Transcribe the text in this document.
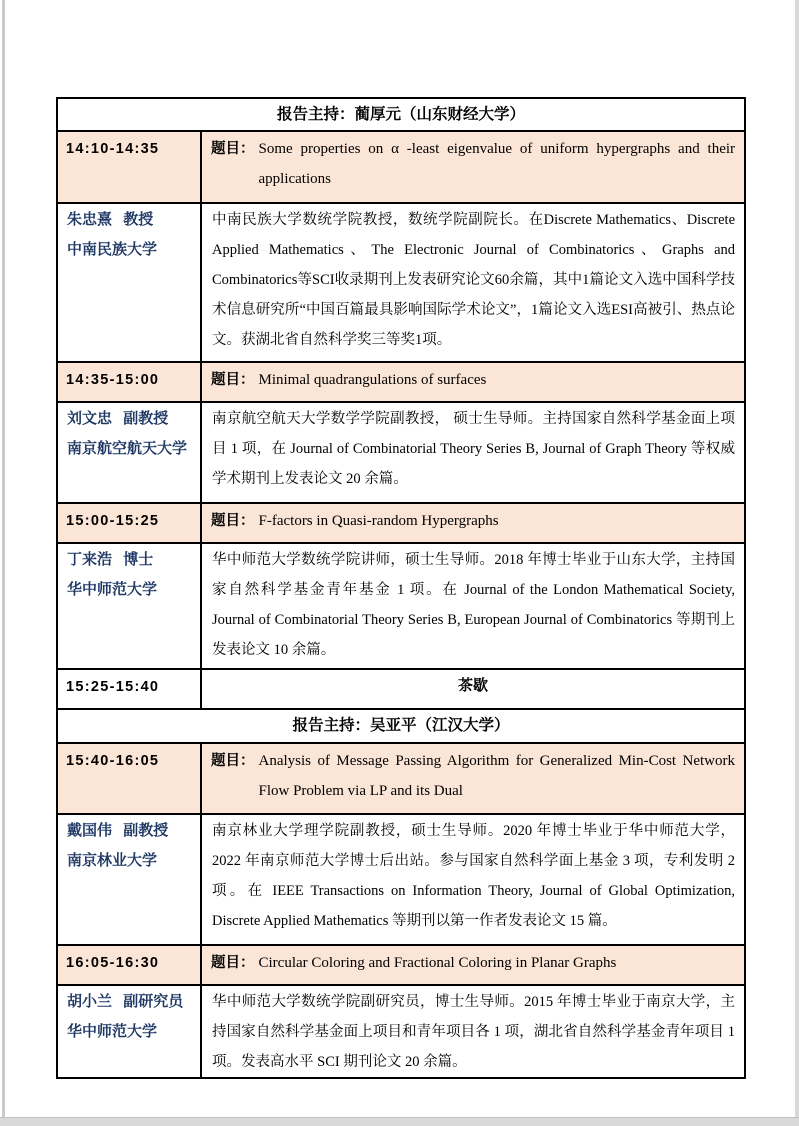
报告主持：蔺厚元（山东财经大学）	
14:10-14:35	题目： Some properties on α -least eigenvalue of uniform hypergraphs and their applications

朱忠熹 教授
中南民族大学	中南民族大学数统学院教授，数统学院副院长。在Discrete Mathematics、Discrete Applied Mathematics、The Electronic Journal of Combinatorics、Graphs and Combinatorics等SCI收录期刊上发表研究论文60余篇，其中1篇论文入选中国科学技术信息研究所“中国百篇最具影响国际学术论文”，1篇论文入选ESI高被引、热点论文。获湖北省自然科学奖三等奖1项。
14:35-15:00	题目： Minimal quadrangulations of surfaces

刘文忠 副教授
南京航空航天大学	南京航空航天大学数学学院副教授， 硕士生导师。主持国家自然科学基金面上项目 1 项，在 Journal of Combinatorial Theory Series B, Journal of Graph Theory 等权威学术期刊上发表论文 20 余篇。
15:00-15:25	题目： F-factors in Quasi-random Hypergraphs

丁来浩 博士
华中师范大学	华中师范大学数统学院讲师，硕士生导师。2018 年博士毕业于山东大学，主持国家自然科学基金青年基金 1 项。在 Journal of the London Mathematical Society, Journal of Combinatorial Theory Series B, European Journal of Combinatorics 等期刊上发表论文 10 余篇。
15:25-15:40	茶歇
报告主持：吴亚平（江汉大学）	
15:40-16:05	题目： Analysis of Message Passing Algorithm for Generalized Min-Cost Network Flow Problem via LP and its Dual

戴国伟 副教授
南京林业大学	南京林业大学理学院副教授，硕士生导师。2020 年博士毕业于华中师范大学，2022 年南京师范大学博士后出站。参与国家自然科学面上基金 3 项，专利发明 2 项。在 IEEE Transactions on Information Theory, Journal of Global Optimization, Discrete Applied Mathematics 等期刊以第一作者发表论文 15 篇。
16:05-16:30	题目： Circular Coloring and Fractional Coloring in Planar Graphs

胡小兰 副研究员
华中师范大学	华中师范大学数统学院副研究员，博士生导师。2015 年博士毕业于南京大学，主持国家自然科学基金面上项目和青年项目各 1 项，湖北省自然科学基金青年项目 1 项。发表高水平 SCI 期刊论文 20 余篇。
